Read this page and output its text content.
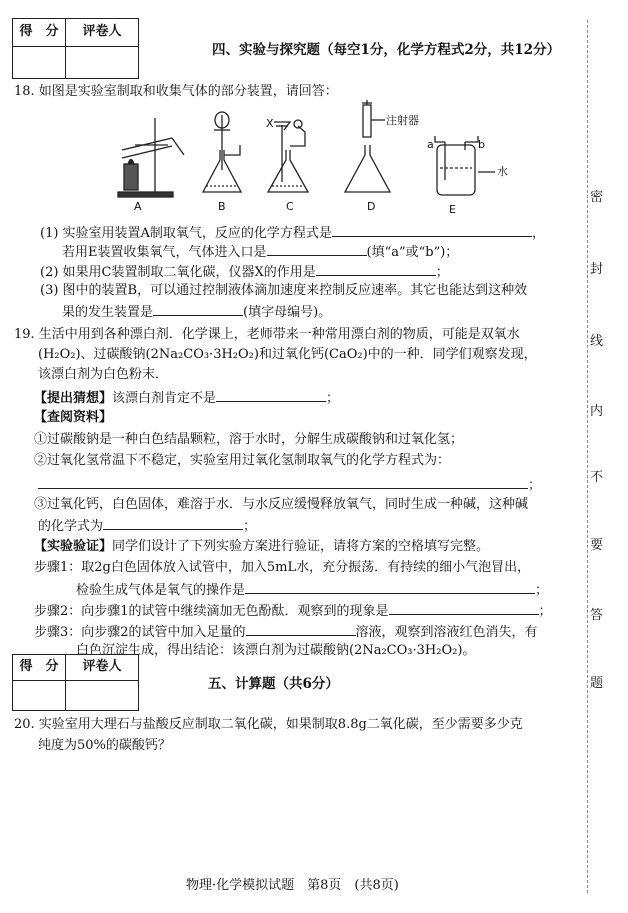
得　分	评卷人

四、实验与探究题（每空1分，化学方程式2分，共12分）
18. 如图是实验室制取和收集气体的部分装置，请回答：
A	B	C	D	E
X	注射器
a	b
水
(1) 实验室用装置A制取氧气，反应的化学方程式是	，
若用E装置收集氧气，气体进入口是	(填“a”或“b”)；
(2) 如果用C装置制取二氧化碳，仪器X的作用是	；
(3) 图中的装置B，可以通过控制液体滴加速度来控制反应速率。其它也能达到这种效
果的发生装置是	(填字母编号)。
19. 生活中用到各种漂白剂．化学课上，老师带来一种常用漂白剂的物质，可能是双氧水
(H₂O₂)、过碳酸钠(2Na₂CO₃·3H₂O₂)和过氧化钙(CaO₂)中的一种．同学们观察发现，
该漂白剂为白色粉末．
【提出猜想】该漂白剂肯定不是	；
【查阅资料】
①过碳酸钠是一种白色结晶颗粒，溶于水时，分解生成碳酸钠和过氧化氢；
②过氧化氢常温下不稳定，实验室用过氧化氢制取氧气的化学方程式为：
；
③过氧化钙，白色固体，难溶于水．与水反应缓慢释放氧气，同时生成一种碱，这种碱
的化学式为	；
【实验验证】同学们设计了下列实验方案进行验证，请将方案的空格填写完整。
步骤1：取2g白色固体放入试管中，加入5mL水，充分振荡．有持续的细小气泡冒出，
检验生成气体是氧气的操作是	；
步骤2：向步骤1的试管中继续滴加无色酚酞．观察到的现象是	；
步骤3：向步骤2的试管中加入足量的	溶液，观察到溶液红色消失，有
白色沉淀生成，得出结论：该漂白剂为过碳酸钠(2Na₂CO₃·3H₂O₂)。
得　分	评卷人

五、计算题（共6分）
20. 实验室用大理石与盐酸反应制取二氧化碳，如果制取8.8g二氧化碳，至少需要多少克
纯度为50%的碳酸钙？
密
封
线
内
不
要
答
题
物理·化学模拟试题　第8页　(共8页)
